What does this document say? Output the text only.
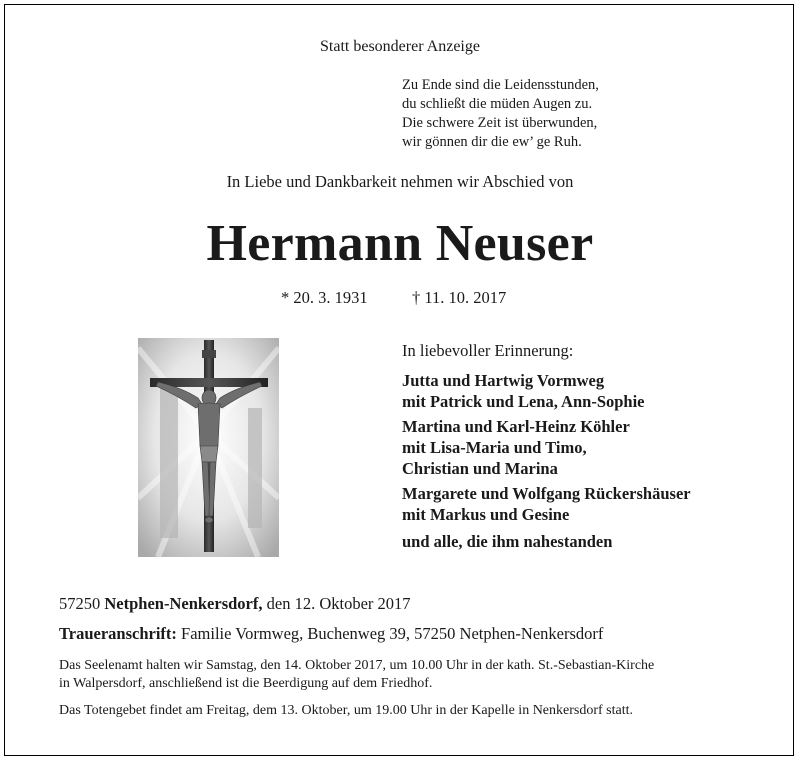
Statt besonderer Anzeige
Zu Ende sind die Leidensstunden,
du schließt die müden Augen zu.
Die schwere Zeit ist überwunden,
wir gönnen dir die ew’ ge Ruh.
In Liebe und Dankbarkeit nehmen wir Abschied von
Hermann Neuser
* 20. 3. 1931	† 11. 10. 2017
In liebevoller Erinnerung:
Jutta und Hartwig Vormweg
mit Patrick und Lena, Ann-Sophie
Martina und Karl-Heinz Köhler
mit Lisa-Maria und Timo,
Christian und Marina
Margarete und Wolfgang Rückershäuser
mit Markus und Gesine
und alle, die ihm nahestanden
57250 Netphen-Nenkersdorf, den 12. Oktober 2017
Traueranschrift: Familie Vormweg, Buchenweg 39, 57250 Netphen-Nenkersdorf
Das Seelenamt halten wir Samstag, den 14. Oktober 2017, um 10.00 Uhr in der kath. St.-Sebastian-Kirche
in Walpersdorf, anschließend ist die Beerdigung auf dem Friedhof.
Das Totengebet findet am Freitag, dem 13. Oktober, um 19.00 Uhr in der Kapelle in Nenkersdorf statt.
